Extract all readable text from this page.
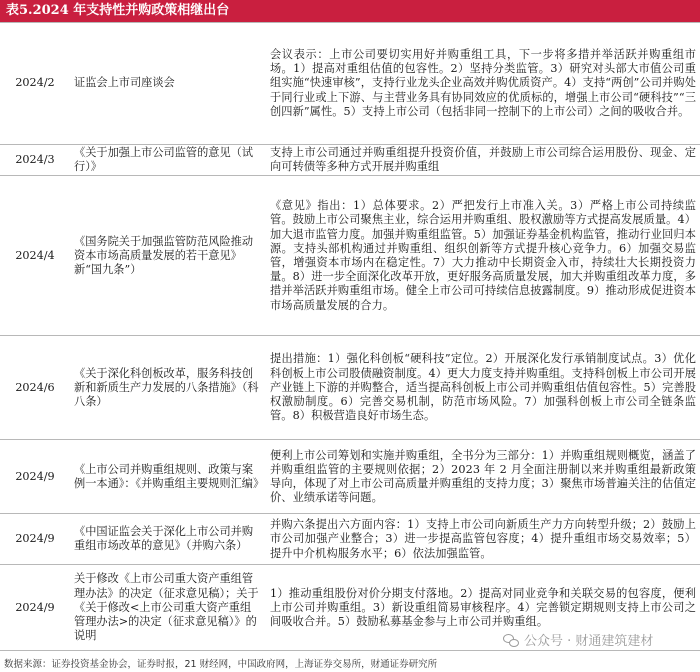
表5.2024 年支持性并购政策相继出台
2024/2	证监会上市司座谈会	会议表示：上市公司要切实用好并购重组工具，下一步将多措并举活跃并购重组市场。1）提高对重组估值的包容性。2）坚持分类监管。3）研究对头部大市值公司重组实施“快速审核”，支持行业龙头企业高效并购优质资产。4）支持“两创”公司并购处于同行业或上下游、与主营业务具有协同效应的优质标的，增强上市公司“硬科技”“三创四新”属性。5）支持上市公司（包括非同一控制下的上市公司）之间的吸收合并。
2024/3	《关于加强上市公司监管的意见（试行）》	支持上市公司通过并购重组提升投资价值，并鼓励上市公司综合运用股份、现金、定向可转债等多种方式开展并购重组
2024/4	《国务院关于加强监管防范风险推动资本市场高质量发展的若干意见》新“国九条”）	《意见》指出：1）总体要求。2）严把发行上市准入关。3）严格上市公司持续监管。鼓励上市公司聚焦主业，综合运用并购重组、股权激励等方式提高发展质量。4）加大退市监管力度。加强并购重组监管。5）加强证券基金机构监管，推动行业回归本源。支持头部机构通过并购重组、组织创新等方式提升核心竞争力。6）加强交易监管，增强资本市场内在稳定性。7）大力推动中长期资金入市，持续壮大长期投资力量。8）进一步全面深化改革开放，更好服务高质量发展，加大并购重组改革力度，多措并举活跃并购重组市场。健全上市公司可持续信息披露制度。9）推动形成促进资本市场高质量发展的合力。
2024/6	《关于深化科创板改革，服务科技创新和新质生产力发展的八条措施》（科八条）	提出措施：1）强化科创板“硬科技”定位。2）开展深化发行承销制度试点。3）优化科创板上市公司股债融资制度。4）更大力度支持并购重组。支持科创板上市公司开展产业链上下游的并购整合，适当提高科创板上市公司并购重组估值包容性。5）完善股权激励制度。6）完善交易机制，防范市场风险。7）加强科创板上市公司全链条监管。8）积极营造良好市场生态。
2024/9	《上市公司并购重组规则、政策与案例一本通》：《并购重组主要规则汇编》	便利上市公司筹划和实施并购重组，全书分为三部分：1）并购重组规则概览，涵盖了并购重组监管的主要规则依据；2）2023 年 2 月全面注册制以来并购重组最新政策导向，体现了对上市公司高质量并购重组的支持力度；3）聚焦市场普遍关注的估值定价、业绩承诺等问题。
2024/9	《中国证监会关于深化上市公司并购重组市场改革的意见》（并购六条）	并购六条提出六方面内容：1）支持上市公司向新质生产力方向转型升级；2）鼓励上市公司加强产业整合；3）进一步提高监管包容度；4）提升重组市场交易效率；5）提升中介机构服务水平；6）依法加强监管。
2024/9	关于修改《上市公司重大资产重组管理办法》的决定（征求意见稿）；关于《关于修改<上市公司重大资产重组管理办法>的决定（征求意见稿）》的说明	1）推动重组股份对价分期支付落地。2）提高对同业竞争和关联交易的包容度，便利上市公司并购重组。3）新设重组简易审核程序。4）完善锁定期规则支持上市公司之间吸收合并。5）鼓励私募基金参与上市公司并购重组。
公众号 · 财通建筑建材
数据来源：证券投资基金协会，证券时报，21 财经网，中国政府网，上海证券交易所，财通证券研究所
